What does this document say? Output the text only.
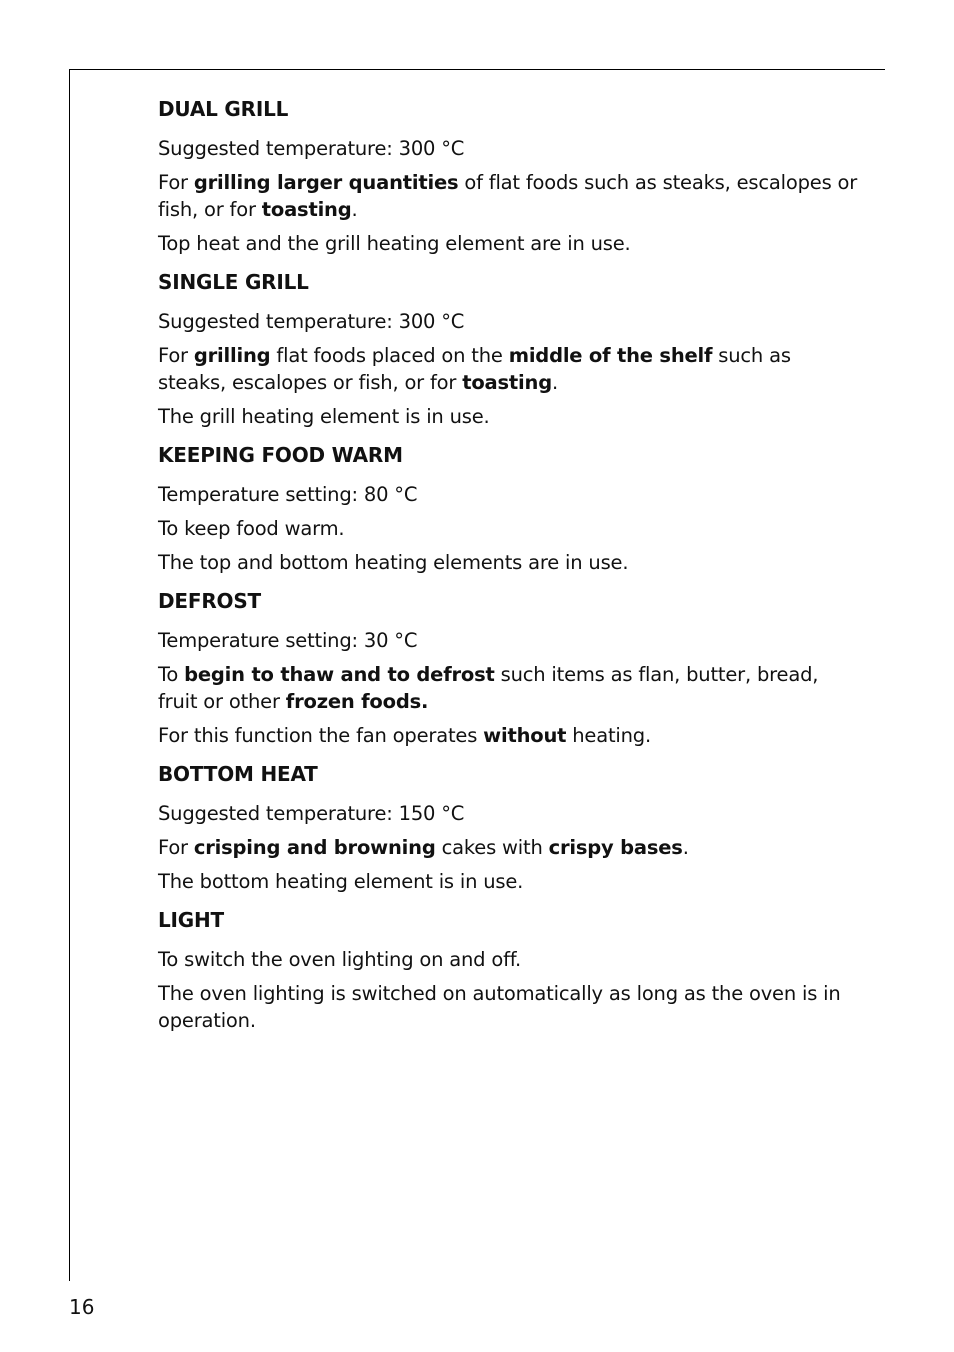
DUAL GRILL
Suggested temperature: 300 °C
For grilling larger quantities of flat foods such as steaks, escalopes or fish, or for toasting.
Top heat and the grill heating element are in use.
SINGLE GRILL
Suggested temperature: 300 °C
For grilling flat foods placed on the middle of the shelf such as steaks, escalopes or fish, or for toasting.
The grill heating element is in use.
KEEPING FOOD WARM
Temperature setting: 80 °C
To keep food warm.
The top and bottom heating elements are in use.
DEFROST
Temperature setting: 30 °C
To begin to thaw and to defrost such items as flan, butter, bread, fruit or other frozen foods.
For this function the fan operates without heating.
BOTTOM HEAT
Suggested temperature: 150 °C
For crisping and browning cakes with crispy bases.
The bottom heating element is in use.
LIGHT
To switch the oven lighting on and off.
The oven lighting is switched on automatically as long as the oven is in operation.
16
